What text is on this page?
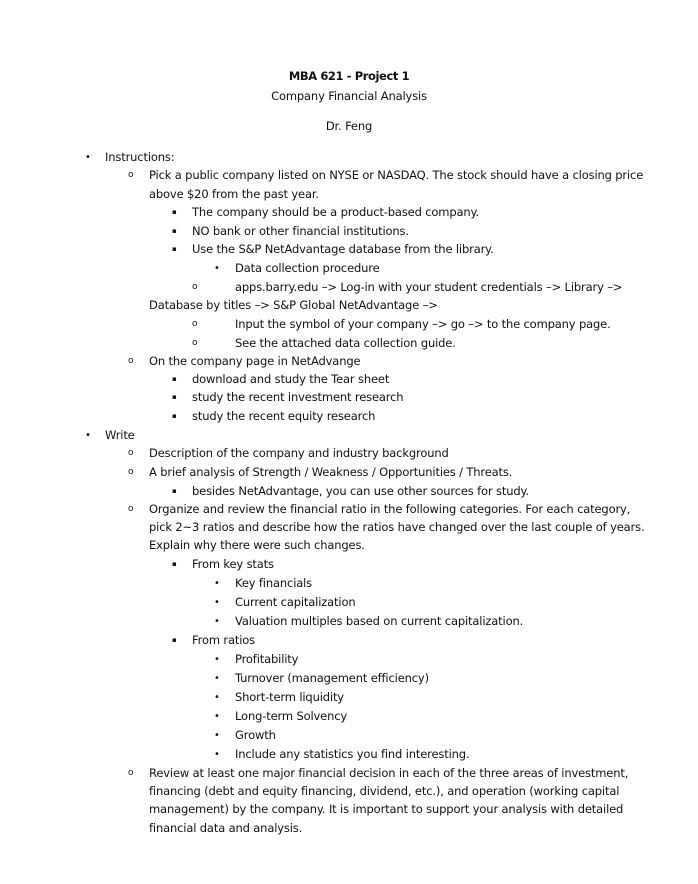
MBA 621 - Project 1
Company Financial Analysis
Dr. Feng
• Instructions:
o Pick a public company listed on NYSE or NASDAQ. The stock should have a closing price
above $20 from the past year.
▪ The company should be a product-based company.
▪ NO bank or other financial institutions.
▪ Use the S&P NetAdvantage database from the library.
• Data collection procedure
o	apps.barry.edu –> Log-in with your student credentials –> Library –>
Database by titles –> S&P Global NetAdvantage –>
o	Input the symbol of your company –> go –> to the company page.
o	See the attached data collection guide.
o On the company page in NetAdvange
▪ download and study the Tear sheet
▪ study the recent investment research
▪ study the recent equity research
• Write
o Description of the company and industry background
o A brief analysis of Strength / Weakness / Opportunities / Threats.
▪ besides NetAdvantage, you can use other sources for study.
o Organize and review the financial ratio in the following categories. For each category,
pick 2~3 ratios and describe how the ratios have changed over the last couple of years.
Explain why there were such changes.
▪ From key stats
• Key financials
• Current capitalization
• Valuation multiples based on current capitalization.
▪ From ratios
• Profitability
• Turnover (management efficiency)
• Short-term liquidity
• Long-term Solvency
• Growth
• Include any statistics you find interesting.
o Review at least one major financial decision in each of the three areas of investment,
financing (debt and equity financing, dividend, etc.), and operation (working capital
management) by the company. It is important to support your analysis with detailed
financial data and analysis.
